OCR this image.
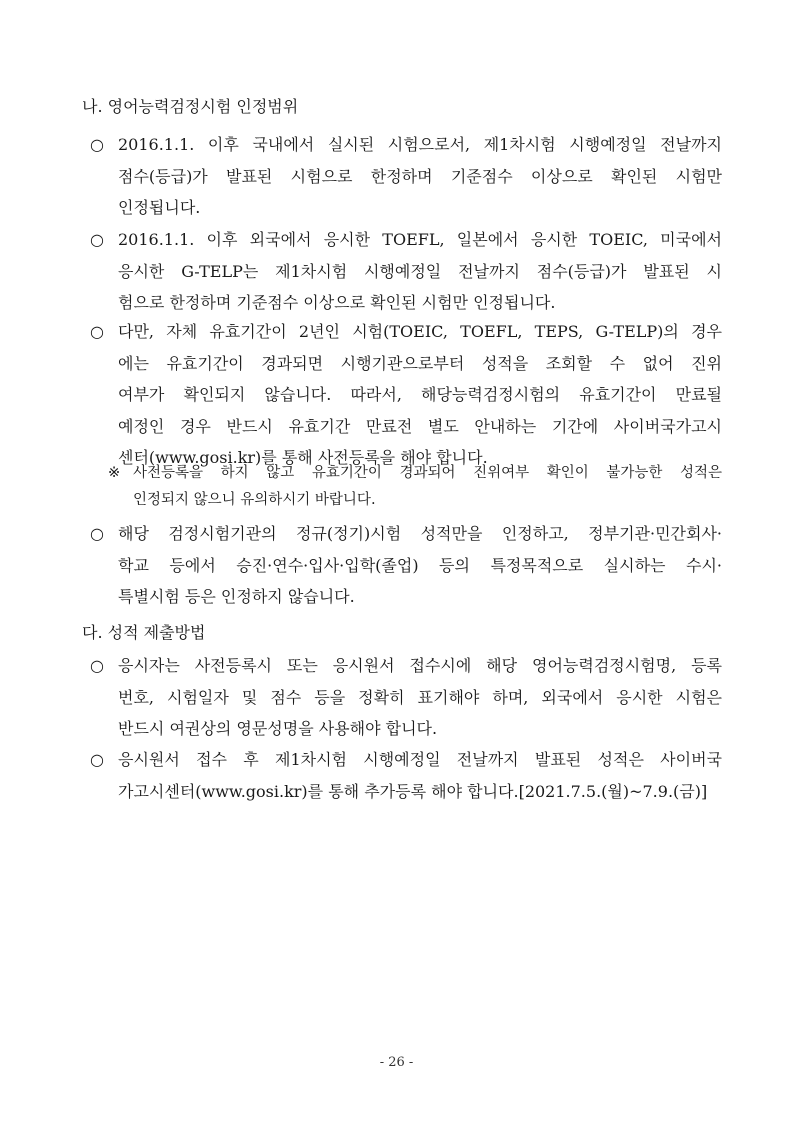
나. 영어능력검정시험 인정범위
○ 2016.1.1. 이후 국내에서 실시된 시험으로서, 제1차시험 시행예정일 전날까지
점수(등급)가 발표된 시험으로 한정하며 기준점수 이상으로 확인된 시험만
인정됩니다.
○ 2016.1.1. 이후 외국에서 응시한 TOEFL, 일본에서 응시한 TOEIC, 미국에서
응시한 G-TELP는 제1차시험 시행예정일 전날까지 점수(등급)가 발표된 시
험으로 한정하며 기준점수 이상으로 확인된 시험만 인정됩니다.
○ 다만, 자체 유효기간이 2년인 시험(TOEIC, TOEFL, TEPS, G-TELP)의 경우
에는 유효기간이 경과되면 시행기관으로부터 성적을 조회할 수 없어 진위
여부가 확인되지 않습니다. 따라서, 해당능력검정시험의 유효기간이 만료될
예정인 경우 반드시 유효기간 만료전 별도 안내하는 기간에 사이버국가고시
센터(www.gosi.kr)를 통해 사전등록을 해야 합니다.
※ 사전등록을 하지 않고 유효기간이 경과되어 진위여부 확인이 불가능한 성적은
인정되지 않으니 유의하시기 바랍니다.
○ 해당 검정시험기관의 정규(정기)시험 성적만을 인정하고, 정부기관·민간회사·
학교 등에서 승진·연수·입사·입학(졸업) 등의 특정목적으로 실시하는 수시·
특별시험 등은 인정하지 않습니다.
다. 성적 제출방법
○ 응시자는 사전등록시 또는 응시원서 접수시에 해당 영어능력검정시험명, 등록
번호, 시험일자 및 점수 등을 정확히 표기해야 하며, 외국에서 응시한 시험은
반드시 여권상의 영문성명을 사용해야 합니다.
○ 응시원서 접수 후 제1차시험 시행예정일 전날까지 발표된 성적은 사이버국
가고시센터(www.gosi.kr)를 통해 추가등록 해야 합니다.[2021.7.5.(월)~7.9.(금)]
- 26 -
